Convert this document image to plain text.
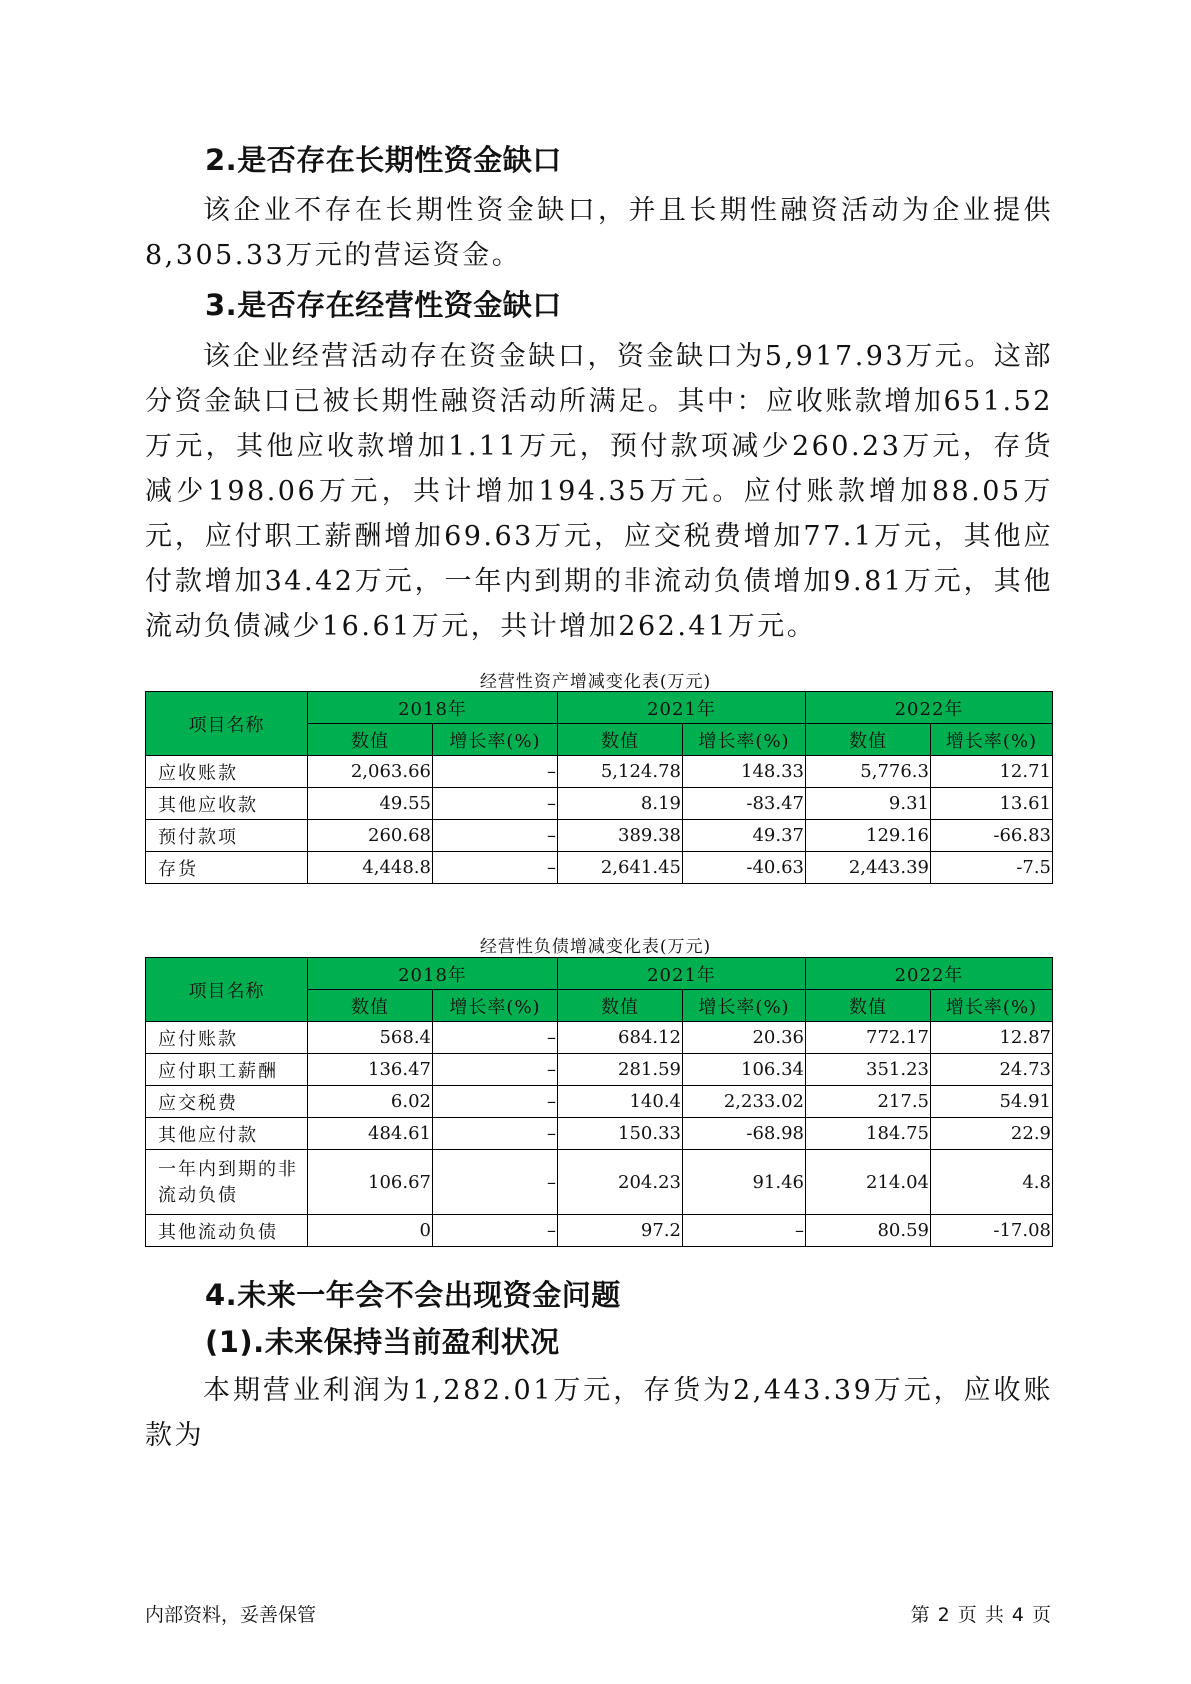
2.是否存在长期性资金缺口

该企业不存在长期性资金缺口，并且长期性融资活动为企业提供8,305.33万元的营运资金。

3.是否存在经营性资金缺口

该企业经营活动存在资金缺口，资金缺口为5,917.93万元。这部分资金缺口已被长期性融资活动所满足。其中：应收账款增加651.52万元，其他应收款增加1.11万元，预付款项减少260.23万元，存货减少198.06万元，共计增加194.35万元。应付账款增加88.05万元，应付职工薪酬增加69.63万元，应交税费增加77.1万元，其他应付款增加34.42万元，一年内到期的非流动负债增加9.81万元，其他流动负债减少16.61万元，共计增加262.41万元。

经营性资产增减变化表(万元)
项目名称	2018年		2021年		2022年	
	数值	增长率(%)	数值	增长率(%)	数值	增长率(%)
应收账款	2,063.66	–	5,124.78	148.33	5,776.3	12.71
其他应收款	49.55	–	8.19	-83.47	9.31	13.61
预付款项	260.68	–	389.38	49.37	129.16	-66.83
存货	4,448.8	–	2,641.45	-40.63	2,443.39	-7.5
经营性负债增减变化表(万元)
项目名称	2018年		2021年		2022年	
	数值	增长率(%)	数值	增长率(%)	数值	增长率(%)
应付账款	568.4	–	684.12	20.36	772.17	12.87
应付职工薪酬	136.47	–	281.59	106.34	351.23	24.73
应交税费	6.02	–	140.4	2,233.02	217.5	54.91
其他应付款	484.61	–	150.33	-68.98	184.75	22.9
一年内到期的非流动负债	106.67	–	204.23	91.46	214.04	4.8
其他流动负债	0	–	97.2	–	80.59	-17.08
4.未来一年会不会出现资金问题
(1).未来保持当前盈利状况

本期营业利润为1,282.01万元，存货为2,443.39万元，应收账款为

内部资料，妥善保管	第 2 页 共 4 页
